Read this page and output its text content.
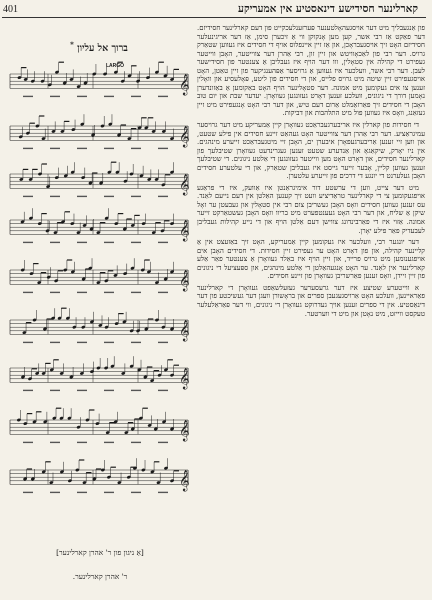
401	קארלינער חסידישע דינאסטיע אין אמעריקע

פון אַנגעבליך מיט דער אויסגעהאָלטענער פּערזענלעכקייט פון דעם קארלינער חסידיזם. דער פאַקט אַז רבי אשר, קען מען אָנקוקן ווי אַ זיכערן סימן, אַז דער אריגינעלער חסידיזם האָט זיך אויסגעבראָכן, און אַז זיין איינפלוס אויף די חסידים איז געווען שטאַרק גרויס. דער רבי פון לאַכאָוויטש און זיין זון, רבי אַהרן דער צווייטער, האָבן ווייטער געפירט די קהילה אין סטאָלין, ווו דער הויף איז געבליבן אַ צענטער פון חסידישער לעבן. דער רבי אשר, וועלכער איז געווען אַ גרויסער אַפּהענגיקער פון זיין טאַטן, האָט אויסגעפירט זיין שיטה מיט גרויס פלייס, און די חסידים פון ליטע, פּאָלעסיע און וואָלין זענען צו אים געקומען מיט אמונה. דער סטאָלינער הויף האָט באַקומען אַ באַזונדערן נאָמען דורך די ניגונים, וועלכע זענען דאָרט געזונגען געוואָרן. יעדער שבת און יום טוב האָבן די חסידים זיך פאַרזאַמלט אַרום דעם טיש, און דער רבי האָט אָנגעפירט מיט זיין געזאַנג, וואָס איז געווען פול מיט התלהבות און דביקות.

די חסידות פון קארלין איז אריבערגעבראַכט געוואָרן קיין אַמעריקע מיט דער גרויסער עמיגראַציע. דער רבי אַהרן דער צווייטער האָט געהאַט זיינע חסידים אין פילע שטעט, און ווען זיי זענען אַריבערגעפאָרן איבערן ים, האָבן זיי מיטגעבראַכט זייערע מינהגים. אין ניו יאָרק, שיקאַגאָ און אַנדערע שטעט זענען געגרינדעט געוואָרן שטיבלעך פון קארלינער חסידים, און דאָרט האָט מען ווייטער געזונגען די אַלטע ניגונים. די שטיבלעך זענען געווען קליין, אָבער זייער גייסט איז געבליבן שטאַרק, און די עלטערע חסידים האָבן געלערנט די יונגע די דרכים פון זייערע עלטערן.

מיט דער צייט, ווען די ערשטע דור אימיגראַנטן איז אַוועק, איז די פראַגע אויפגעקומען צי די קארלינער טראַדיציע וועט זיך קענען האַלטן אין דעם נייעם לאַנד. עס זענען געווען חסידים וואָס האָבן געשריבן צום רבי אין סטאָלין און געבעטן ער זאָל שיקן אַ שליח, און דער רבי האָט געענטפערט מיט בריוו וואָס האָבן געשטאַרקט זייער אמונה. אַזוי איז די פאַרבינדונג צווישן דעם אַלטן הויף און די נייע קהילות געבליבן לעבעדיק פאַר פילע יאָרן.

דער יונגער רבי, וועלכער איז געקומען קיין אַמעריקע, האָט זיך באַזעצט אין אַ קליינער קהילה, און פון דאָרט האָט ער געפירט זיין חסידות. די חסידים האָבן אים אויפגענומען מיט גרויס פרייד, און זיין הויף איז באַלד געוואָרן אַ צענטער פאַר אַלע קארלינער אין לאַנד. ער האָט אָנגעהאַלטן די אַלטע מינהגים, און ספּעציעל די ניגונים פון זיין זיידן, וואָס זענען פאַרשריבן געוואָרן פון זיינע חסידים.

א ווייטערע שטיצע איז דער גרעסערער געזעלשאַפט געוואָרן די קארלינער פאַראיינען, וועלכע האָט אַרויסגעגעבן ספרים און בראָשורן וועגן דער געשיכטע פון דער דינאַסטיע. אין די ספרים זענען אויך געדרוקט געוואָרן די ניגונים, ווי דער פּאַראַלעלער טעקסט ווייזט, מיט נאָטן און מיט די ווערטער.

𝄞
𝄞
𝄞
𝄞
𝄞
𝄞
𝄞
𝄞
𝄞
ברוך אל עליון *
LARGO
[אַ ניגון פון ר' אהרן קארלינער]
ר' אהרן קארלינער.
